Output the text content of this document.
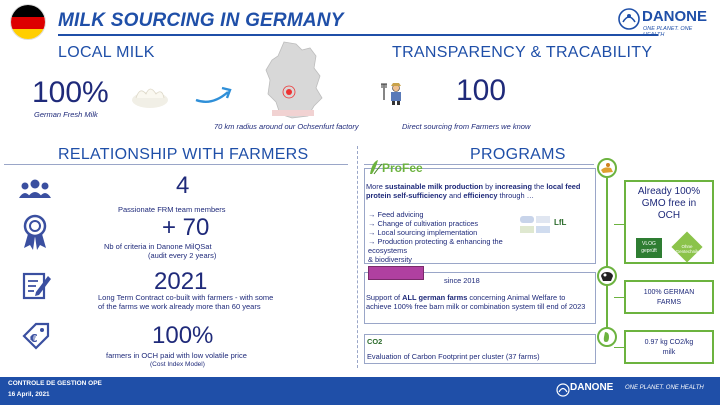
MILK SOURCING IN GERMANY	DANONE
ONE PLANET. ONE HEALTH
LOCAL MILK
100%
German Fresh Milk
70 km radius around our Ochsenfurt factory
TRANSPARENCY & TRACABILITY
100
Direct sourcing from Farmers we know
RELATIONSHIP WITH FARMERS
4
Passionate FRM team members
+ 70
Nb of criteria in Danone MilQSat
(audit every 2 years)
2021
Long Term Contract co-built with farmers - with some
of the farms we work already more than 60 years
€	100%
farmers in OCH paid with low volatile price
(Cost Index Model)
PROGRAMS
ProFee
More sustainable milk production by increasing the local feed protein self-sufficiency and efficiency through …
→ Feed advicing
→ Change of cultivation practices
→ Local sourcing implementation
→ Production protecting & enhancing the ecosystems
& biodiversity
LfL
since 2018
Support of ALL german farms concerning Animal Welfare to achieve 100% free barn milk or combination system till end of 2023
CO2
Evaluation of Carbon Footprint per cluster (37 farms)
Already 100% GMO free in OCH
VLOG geprüft
Ohne Gentechnik
100% GERMAN FARMS
0.97 kg CO2/kg milk
CONTROLE DE GESTION OPE
16 April, 2021
DANONE ONE PLANET. ONE HEALTH
